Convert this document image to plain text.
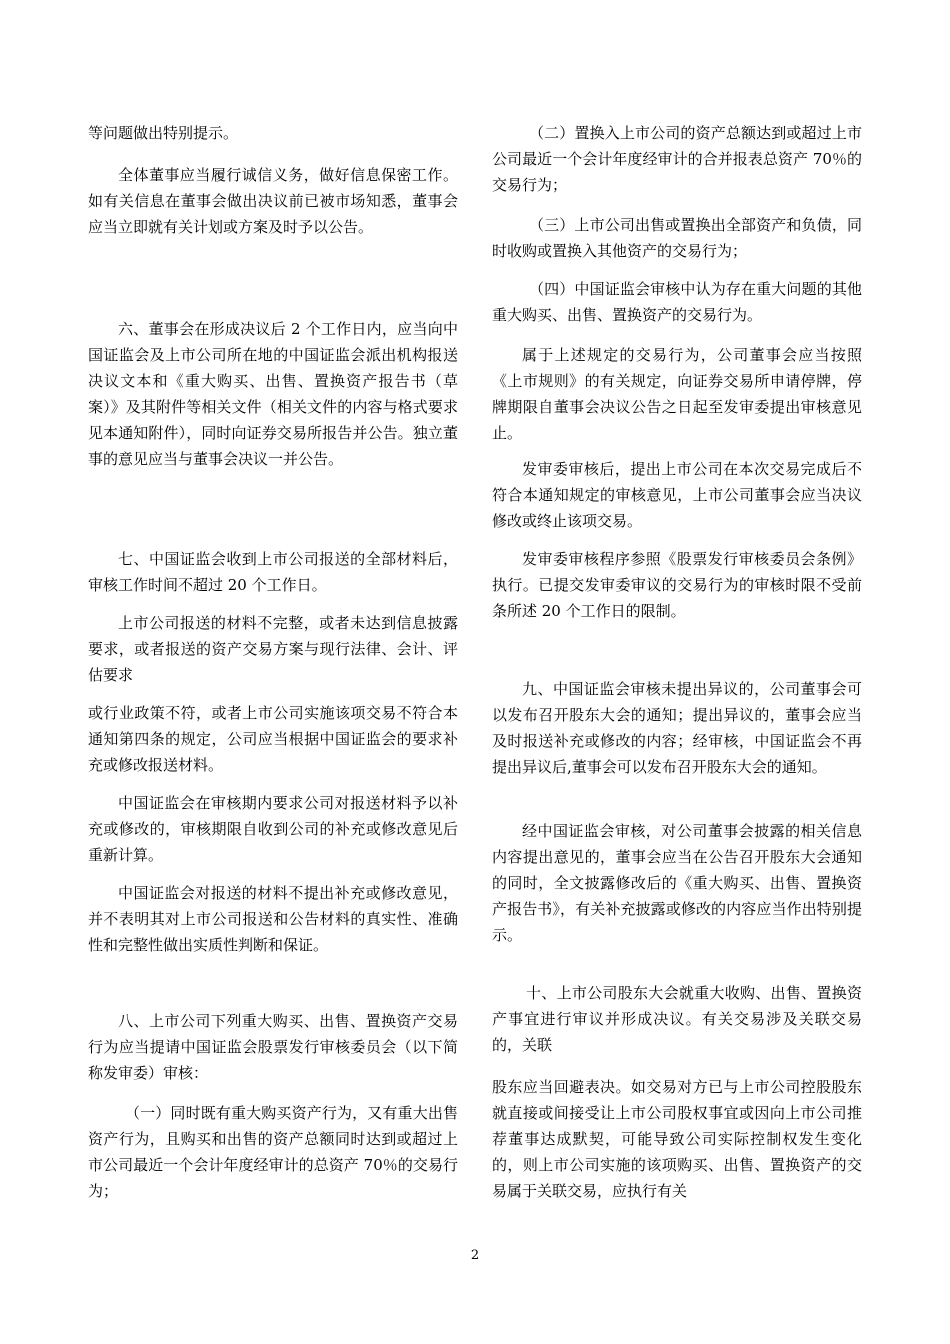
等问题做出特别提示。

全体董事应当履行诚信义务，做好信息保密工作。如有关信息在董事会做出决议前已被市场知悉，董事会应当立即就有关计划或方案及时予以公告。

六、董事会在形成决议后 2 个工作日内，应当向中国证监会及上市公司所在地的中国证监会派出机构报送决议文本和《重大购买、出售、置换资产报告书（草案）》及其附件等相关文件（相关文件的内容与格式要求见本通知附件），同时向证券交易所报告并公告。独立董事的意见应当与董事会决议一并公告。

七、中国证监会收到上市公司报送的全部材料后，审核工作时间不超过 20 个工作日。

上市公司报送的材料不完整，或者未达到信息披露要求，或者报送的资产交易方案与现行法律、会计、评估要求

或行业政策不符，或者上市公司实施该项交易不符合本通知第四条的规定，公司应当根据中国证监会的要求补充或修改报送材料。

中国证监会在审核期内要求公司对报送材料予以补充或修改的，审核期限自收到公司的补充或修改意见后重新计算。

中国证监会对报送的材料不提出补充或修改意见，并不表明其对上市公司报送和公告材料的真实性、准确性和完整性做出实质性判断和保证。

八、上市公司下列重大购买、出售、置换资产交易行为应当提请中国证监会股票发行审核委员会（以下简称发审委）审核：

（一）同时既有重大购买资产行为，又有重大出售资产行为，且购买和出售的资产总额同时达到或超过上市公司最近一个会计年度经审计的总资产 70％的交易行为；

（二）置换入上市公司的资产总额达到或超过上市公司最近一个会计年度经审计的合并报表总资产 70％的交易行为；

（三）上市公司出售或置换出全部资产和负债，同时收购或置换入其他资产的交易行为；

（四）中国证监会审核中认为存在重大问题的其他重大购买、出售、置换资产的交易行为。

属于上述规定的交易行为，公司董事会应当按照《上市规则》的有关规定，向证券交易所申请停牌，停牌期限自董事会决议公告之日起至发审委提出审核意见止。

发审委审核后，提出上市公司在本次交易完成后不符合本通知规定的审核意见，上市公司董事会应当决议修改或终止该项交易。

发审委审核程序参照《股票发行审核委员会条例》执行。已提交发审委审议的交易行为的审核时限不受前条所述 20 个工作日的限制。

九、中国证监会审核未提出异议的，公司董事会可以发布召开股东大会的通知；提出异议的，董事会应当及时报送补充或修改的内容；经审核，中国证监会不再提出异议后,董事会可以发布召开股东大会的通知。

经中国证监会审核，对公司董事会披露的相关信息内容提出意见的，董事会应当在公告召开股东大会通知的同时，全文披露修改后的《重大购买、出售、置换资产报告书》，有关补充披露或修改的内容应当作出特别提示。

十、上市公司股东大会就重大收购、出售、置换资产事宜进行审议并形成决议。有关交易涉及关联交易的，关联

股东应当回避表决。如交易对方已与上市公司控股股东就直接或间接受让上市公司股权事宜或因向上市公司推荐董事达成默契，可能导致公司实际控制权发生变化的，则上市公司实施的该项购买、出售、置换资产的交易属于关联交易，应执行有关

2
